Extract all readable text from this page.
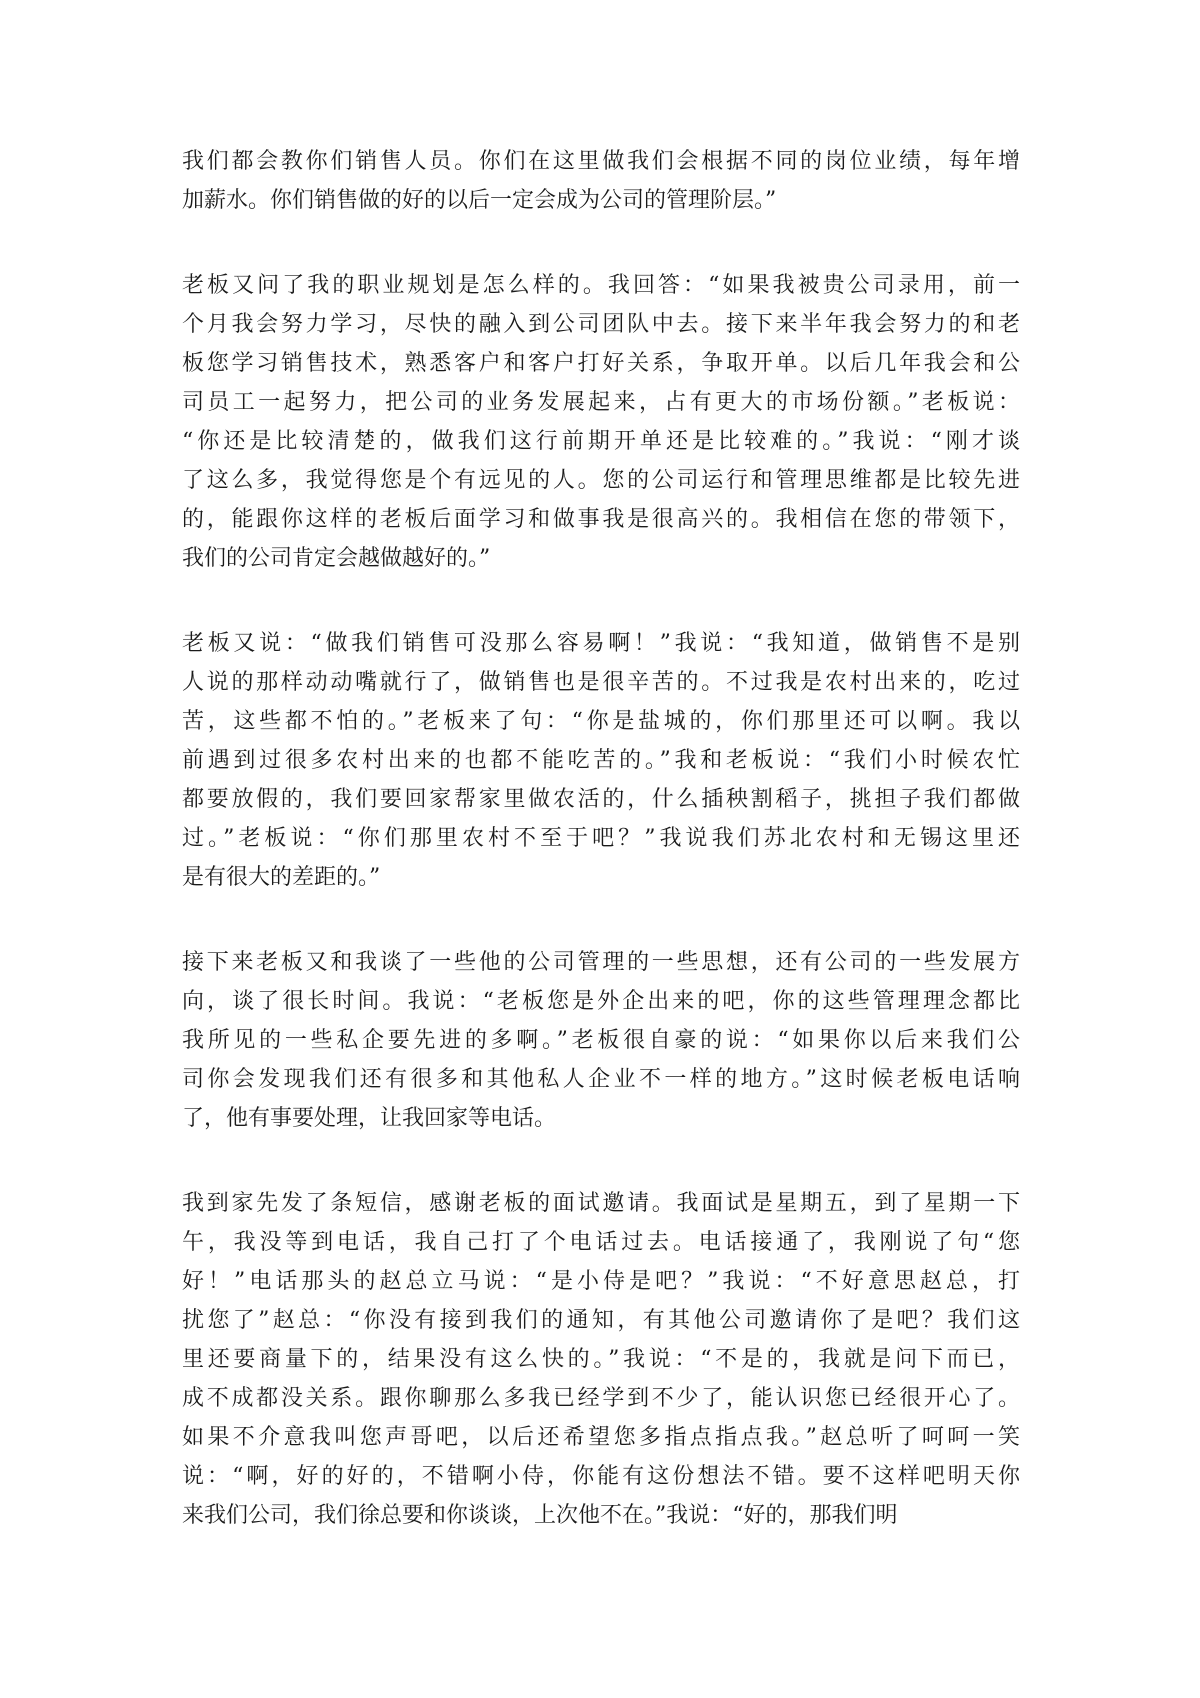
我们都会教你们销售人员。你们在这里做我们会根据不同的岗位业绩，每年增
加薪水。你们销售做的好的以后一定会成为公司的管理阶层。”
老板又问了我的职业规划是怎么样的。我回答：“如果我被贵公司录用，前一
个月我会努力学习，尽快的融入到公司团队中去。接下来半年我会努力的和老
板您学习销售技术，熟悉客户和客户打好关系，争取开单。以后几年我会和公
司员工一起努力，把公司的业务发展起来，占有更大的市场份额。”老板说：
“你还是比较清楚的，做我们这行前期开单还是比较难的。”我说：“刚才谈
了这么多，我觉得您是个有远见的人。您的公司运行和管理思维都是比较先进
的，能跟你这样的老板后面学习和做事我是很高兴的。我相信在您的带领下，
我们的公司肯定会越做越好的。”
老板又说：“做我们销售可没那么容易啊！”我说：“我知道，做销售不是别
人说的那样动动嘴就行了，做销售也是很辛苦的。不过我是农村出来的，吃过
苦，这些都不怕的。”老板来了句：“你是盐城的，你们那里还可以啊。我以
前遇到过很多农村出来的也都不能吃苦的。”我和老板说：“我们小时候农忙
都要放假的，我们要回家帮家里做农活的，什么插秧割稻子，挑担子我们都做
过。”老板说：“你们那里农村不至于吧？”我说我们苏北农村和无锡这里还
是有很大的差距的。”
接下来老板又和我谈了一些他的公司管理的一些思想，还有公司的一些发展方
向，谈了很长时间。我说：“老板您是外企出来的吧，你的这些管理理念都比
我所见的一些私企要先进的多啊。”老板很自豪的说：“如果你以后来我们公
司你会发现我们还有很多和其他私人企业不一样的地方。”这时候老板电话响
了，他有事要处理，让我回家等电话。
我到家先发了条短信，感谢老板的面试邀请。我面试是星期五，到了星期一下
午，我没等到电话，我自己打了个电话过去。电话接通了，我刚说了句“您
好！”电话那头的赵总立马说：“是小侍是吧？”我说：“不好意思赵总，打
扰您了”赵总：“你没有接到我们的通知，有其他公司邀请你了是吧？我们这
里还要商量下的，结果没有这么快的。”我说：“不是的，我就是问下而已，
成不成都没关系。跟你聊那么多我已经学到不少了，能认识您已经很开心了。
如果不介意我叫您声哥吧，以后还希望您多指点指点我。”赵总听了呵呵一笑
说：“啊，好的好的，不错啊小侍，你能有这份想法不错。要不这样吧明天你
来我们公司，我们徐总要和你谈谈，上次他不在。”我说：“好的，那我们明
